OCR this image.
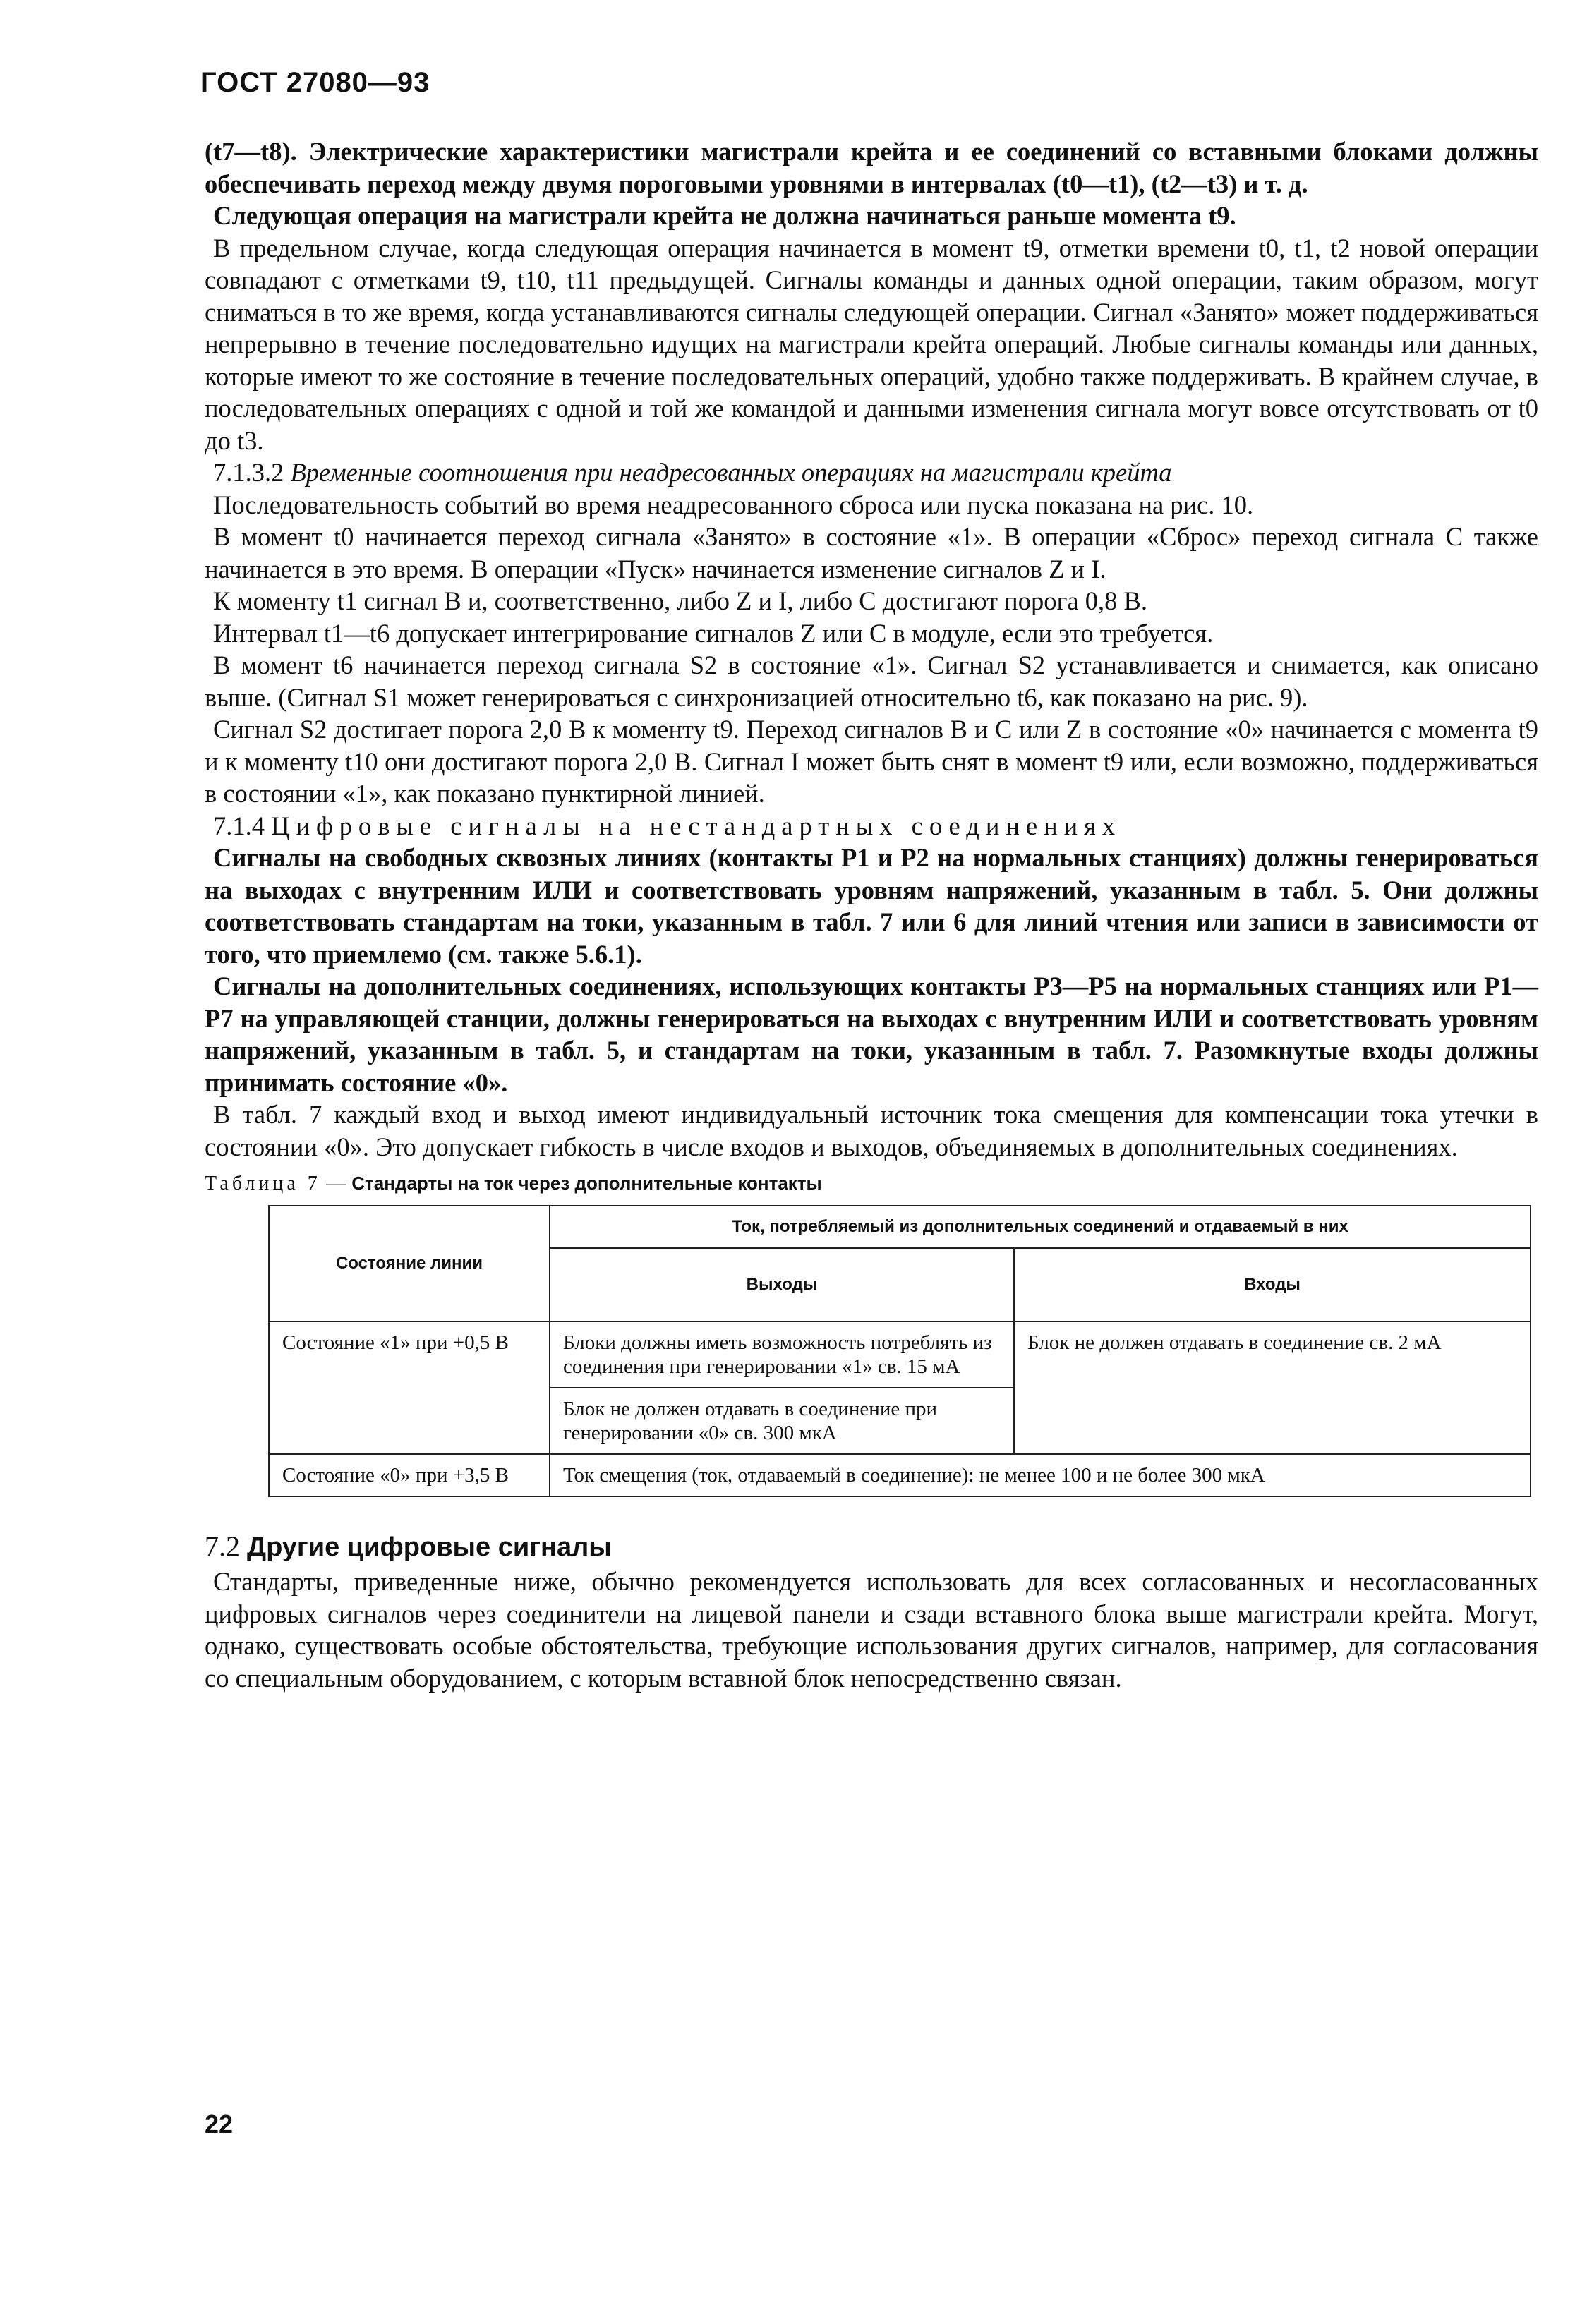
ГОСТ 27080—93

(t7—t8). Электрические характеристики магистрали крейта и ее соединений со вставными блоками должны обеспечивать переход между двумя пороговыми уровнями в интервалах (t0—t1), (t2—t3) и т. д.

Следующая операция на магистрали крейта не должна начинаться раньше момента t9.

В предельном случае, когда следующая операция начинается в момент t9, отметки времени t0, t1, t2 новой операции совпадают с отметками t9, t10, t11 предыдущей. Сигналы команды и данных одной операции, таким образом, могут сниматься в то же время, когда устанавливаются сигналы следующей операции. Сигнал «Занято» может поддерживаться непрерывно в течение последовательно идущих на магистрали крейта операций. Любые сигналы команды или данных, которые имеют то же состояние в течение последовательных операций, удобно также поддерживать. В крайнем случае, в последовательных операциях с одной и той же командой и данными изменения сигнала могут вовсе отсутствовать от t0 до t3.

7.1.3.2 Временные соотношения при неадресованных операциях на магистрали крейта

Последовательность событий во время неадресованного сброса или пуска показана на рис. 10.

В момент t0 начинается переход сигнала «Занято» в состояние «1». В операции «Сброс» переход сигнала С также начинается в это время. В операции «Пуск» начинается изменение сигналов Z и I.

К моменту t1 сигнал В и, соответственно, либо Z и I, либо С достигают порога 0,8 В.

Интервал t1—t6 допускает интегрирование сигналов Z или С в модуле, если это требуется.

В момент t6 начинается переход сигнала S2 в состояние «1». Сигнал S2 устанавливается и снимается, как описано выше. (Сигнал S1 может генерироваться с синхронизацией относительно t6, как показано на рис. 9).

Сигнал S2 достигает порога 2,0 В к моменту t9. Переход сигналов В и С или Z в состояние «0» начинается с момента t9 и к моменту t10 они достигают порога 2,0 В. Сигнал I может быть снят в момент t9 или, если возможно, поддерживаться в состоянии «1», как показано пунктирной линией.

7.1.4 Цифровые сигналы на нестандартных соединениях

Сигналы на свободных сквозных линиях (контакты Р1 и Р2 на нормальных станциях) должны генерироваться на выходах с внутренним ИЛИ и соответствовать уровням напряжений, указанным в табл. 5. Они должны соответствовать стандартам на токи, указанным в табл. 7 или 6 для линий чтения или записи в зависимости от того, что приемлемо (см. также 5.6.1).

Сигналы на дополнительных соединениях, использующих контакты Р3—Р5 на нормальных станциях или Р1—Р7 на управляющей станции, должны генерироваться на выходах с внутренним ИЛИ и соответствовать уровням напряжений, указанным в табл. 5, и стандартам на токи, указанным в табл. 7. Разомкнутые входы должны принимать состояние «0».

В табл. 7 каждый вход и выход имеют индивидуальный источник тока смещения для компенсации тока утечки в состоянии «0». Это допускает гибкость в числе входов и выходов, объединяемых в дополнительных соединениях.

Таблица 7 — Стандарты на ток через дополнительные контакты
Состояние линии	Ток, потребляемый из дополнительных соединений и отдаваемый в них	
	Выходы	Входы
Состояние «1» при +0,5 В	Блоки должны иметь возможность потреблять из соединения при генерировании «1» св. 15 мА	Блок не должен отдавать в соединение св. 2 мА
	Блок не должен отдавать в соединение при генерировании «0» св. 300 мкА	
Состояние «0» при +3,5 В	Ток смещения (ток, отдаваемый в соединение): не менее 100 и не более 300 мкА	
7.2 Другие цифровые сигналы

Стандарты, приведенные ниже, обычно рекомендуется использовать для всех согласованных и несогласованных цифровых сигналов через соединители на лицевой панели и сзади вставного блока выше магистрали крейта. Могут, однако, существовать особые обстоятельства, требующие использования других сигналов, например, для согласования со специальным оборудованием, с которым вставной блок непосредственно связан.

22
